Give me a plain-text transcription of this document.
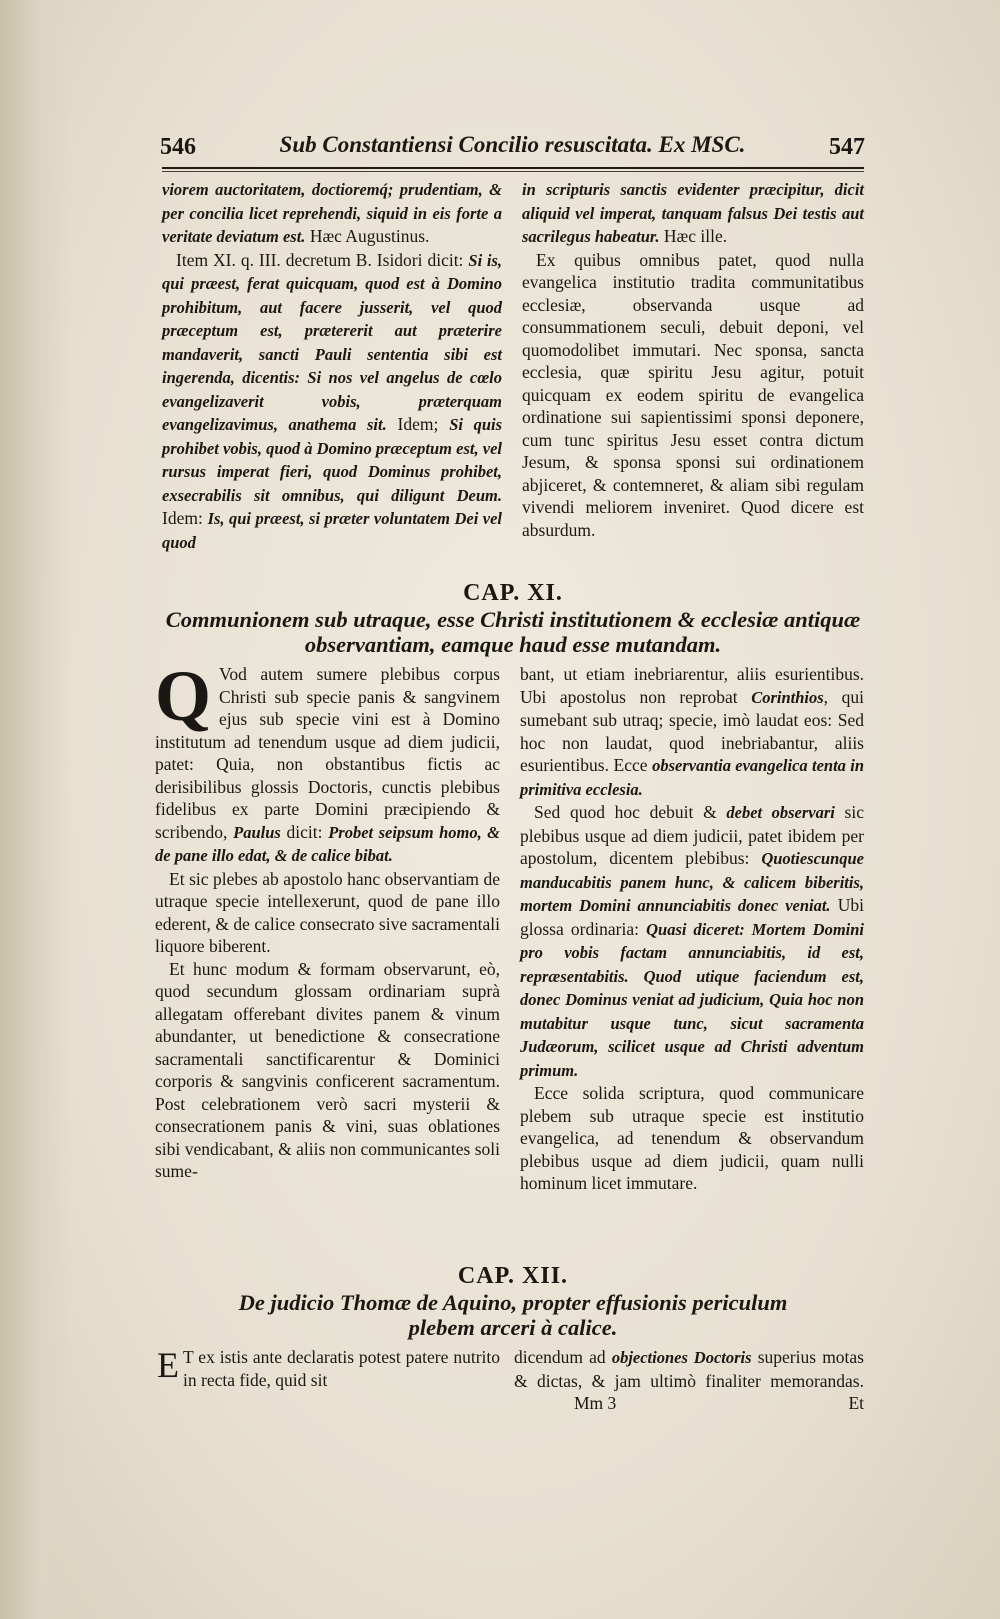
546	Sub Constantiensi Concilio resuscitata. Ex MSC.	547

viorem auctoritatem, doctioremq́; prudentiam, & per concilia licet reprehendi, siquid in eis forte a veritate deviatum est. Hæc Augustinus.

Item XI. q. III. decretum B. Isidori dicit: Si is, qui præest, ferat quicquam, quod est à Domino prohibitum, aut facere jusserit, vel quod præceptum est, prætererit aut præterire mandaverit, sancti Pauli sententia sibi est ingerenda, dicentis: Si nos vel angelus de cœlo evangelizaverit vobis, præterquam evangelizavimus, anathema sit. Idem; Si quis prohibet vobis, quod à Domino præceptum est, vel rursus imperat fieri, quod Dominus prohibet, exsecrabilis sit omnibus, qui diligunt Deum. Idem: Is, qui præest, si præter voluntatem Dei vel quod

in scripturis sanctis evidenter præcipitur, dicit aliquid vel imperat, tanquam falsus Dei testis aut sacrilegus habeatur. Hæc ille.

Ex quibus omnibus patet, quod nulla evangelica institutio tradita communitatibus ecclesiæ, observanda usque ad consummationem seculi, debuit deponi, vel quomodolibet immutari. Nec sponsa, sancta ecclesia, quæ spiritu Jesu agitur, potuit quicquam ex eodem spiritu de evangelica ordinatione sui sapientissimi sponsi deponere, cum tunc spiritus Jesu esset contra dictum Jesum, & sponsa sponsi sui ordinationem abjiceret, & contemneret, & aliam sibi regulam vivendi meliorem inveniret. Quod dicere est absurdum.

CAP. XI.
Communionem sub utraque, esse Christi institutionem & ecclesiæ antiquæ
observantiam, eamque haud esse mutandam.

Q Vod autem sumere plebibus corpus Christi sub specie panis & sangvinem ejus sub specie vini est à Domino institutum ad tenendum usque ad diem judicii, patet: Quia, non obstantibus fictis ac derisibilibus glossis Doctoris, cunctis plebibus fidelibus ex parte Domini præcipiendo & scribendo, Paulus dicit: Probet seipsum homo, & de pane illo edat, & de calice bibat.

Et sic plebes ab apostolo hanc observantiam de utraque specie intellexerunt, quod de pane illo ederent, & de calice consecrato sive sacramentali liquore biberent.

Et hunc modum & formam observarunt, eò, quod secundum glossam ordinariam suprà allegatam offerebant divites panem & vinum abundanter, ut benedictione & consecratione sacramentali sanctificarentur & Dominici corporis & sangvinis conficerent sacramentum. Post celebrationem verò sacri mysterii & consecrationem panis & vini, suas oblationes sibi vendicabant, & aliis non communicantes soli sume-

bant, ut etiam inebriarentur, aliis esurientibus. Ubi apostolus non reprobat Corinthios, qui sumebant sub utraq; specie, imò laudat eos: Sed hoc non laudat, quod inebriabantur, aliis esurientibus. Ecce observantia evangelica tenta in primitiva ecclesia.

Sed quod hoc debuit & debet observari sic plebibus usque ad diem judicii, patet ibidem per apostolum, dicentem plebibus: Quotiescunque manducabitis panem hunc, & calicem biberitis, mortem Domini annunciabitis donec veniat. Ubi glossa ordinaria: Quasi diceret: Mortem Domini pro vobis factam annunciabitis, id est, repræsentabitis. Quod utique faciendum est, donec Dominus veniat ad judicium, Quia hoc non mutabitur usque tunc, sicut sacramenta Judæorum, scilicet usque ad Christi adventum primum.

Ecce solida scriptura, quod communicare plebem sub utraque specie est institutio evangelica, ad tenendum & observandum plebibus usque ad diem judicii, quam nulli hominum licet immutare.

CAP. XII.
De judicio Thomæ de Aquino, propter effusionis periculum
plebem arceri à calice.

E T ex istis ante declaratis potest patere nutrito in recta fide, quid sit

dicendum ad objectiones Doctoris superius motas & dictas, & jam ultimò finaliter memorandas.Mm 3	Et
